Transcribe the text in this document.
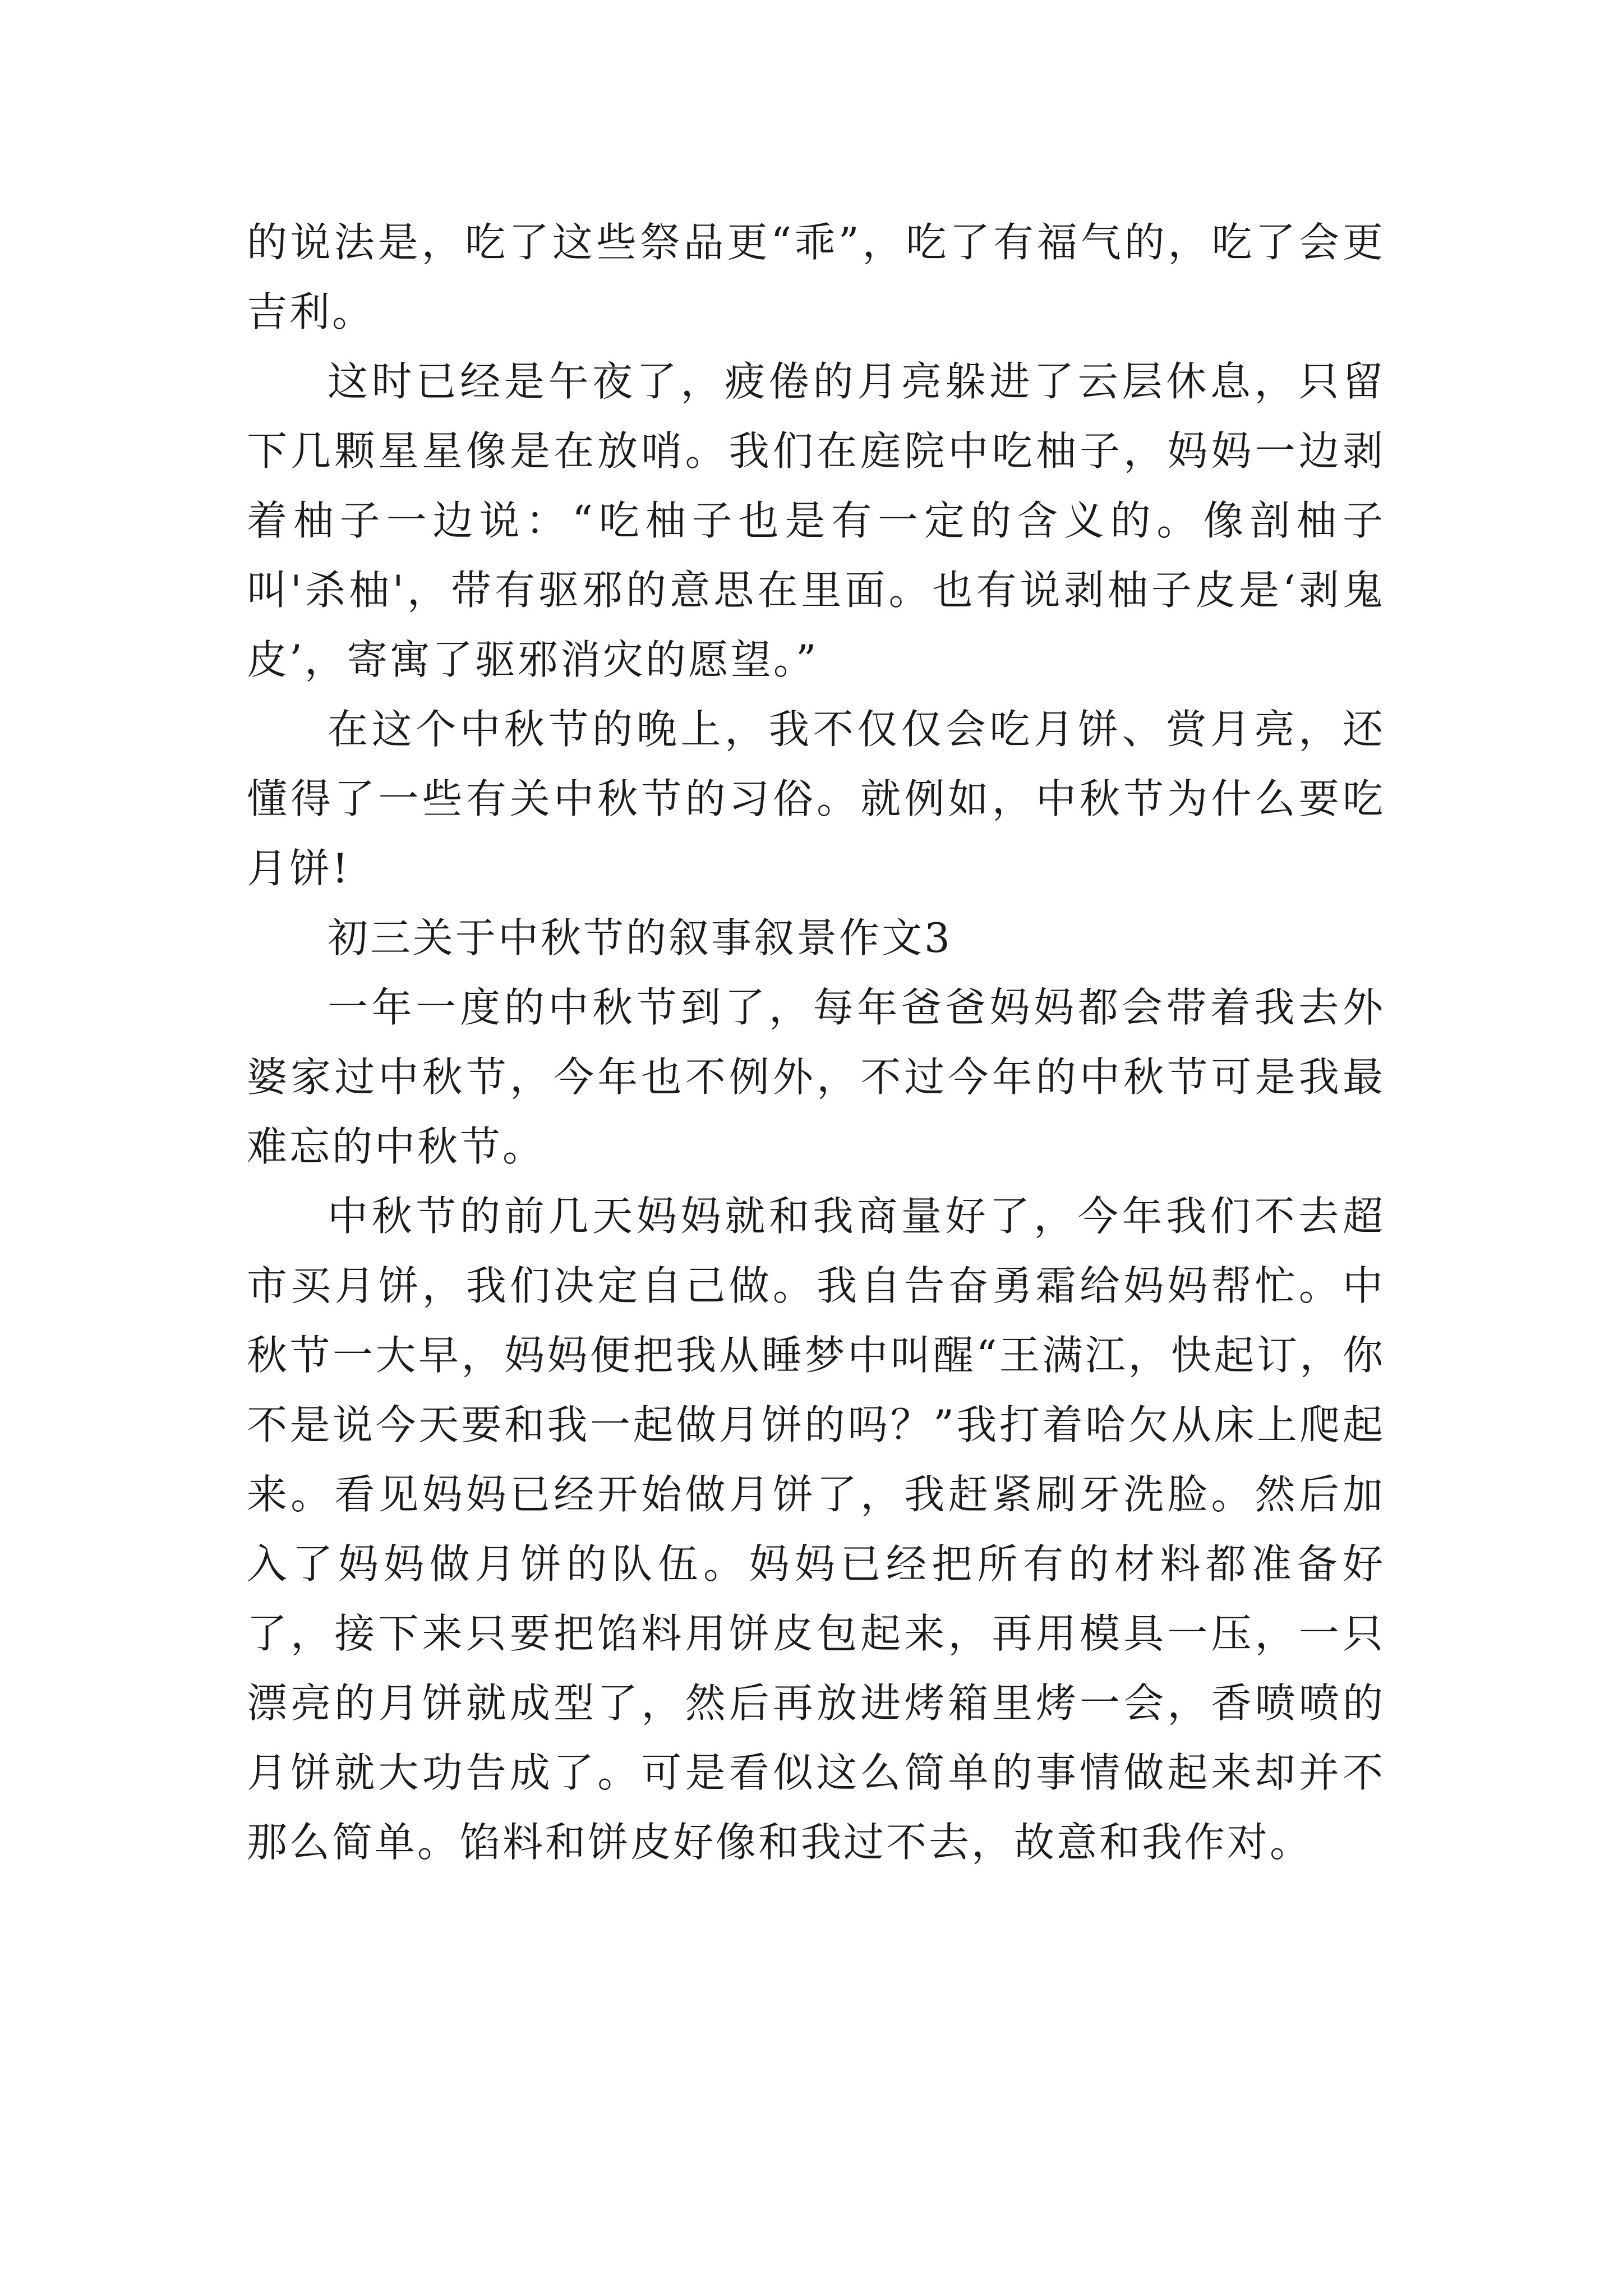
的说法是，吃了这些祭品更“乖”，吃了有福气的，吃了会更吉利。

这时已经是午夜了，疲倦的月亮躲进了云层休息，只留下几颗星星像是在放哨。我们在庭院中吃柚子，妈妈一边剥着柚子一边说：“吃柚子也是有一定的含义的。像剖柚子叫'杀柚'，带有驱邪的意思在里面。也有说剥柚子皮是‘剥鬼皮’，寄寓了驱邪消灾的愿望。”

在这个中秋节的晚上，我不仅仅会吃月饼、赏月亮，还懂得了一些有关中秋节的习俗。就例如，中秋节为什么要吃月饼!

初三关于中秋节的叙事叙景作文3

一年一度的中秋节到了，每年爸爸妈妈都会带着我去外婆家过中秋节，今年也不例外，不过今年的中秋节可是我最难忘的中秋节。

中秋节的前几天妈妈就和我商量好了，今年我们不去超市买月饼，我们决定自己做。我自告奋勇霜给妈妈帮忙。中秋节一大早，妈妈便把我从睡梦中叫醒“王满江，快起订，你不是说今天要和我一起做月饼的吗？”我打着哈欠从床上爬起来。看见妈妈已经开始做月饼了，我赶紧刷牙洗脸。然后加入了妈妈做月饼的队伍。妈妈已经把所有的材料都准备好了，接下来只要把馅料用饼皮包起来，再用模具一压，一只漂亮的月饼就成型了，然后再放进烤箱里烤一会，香喷喷的月饼就大功告成了。可是看似这么简单的事情做起来却并不那么简单。馅料和饼皮好像和我过不去，故意和我作对。
